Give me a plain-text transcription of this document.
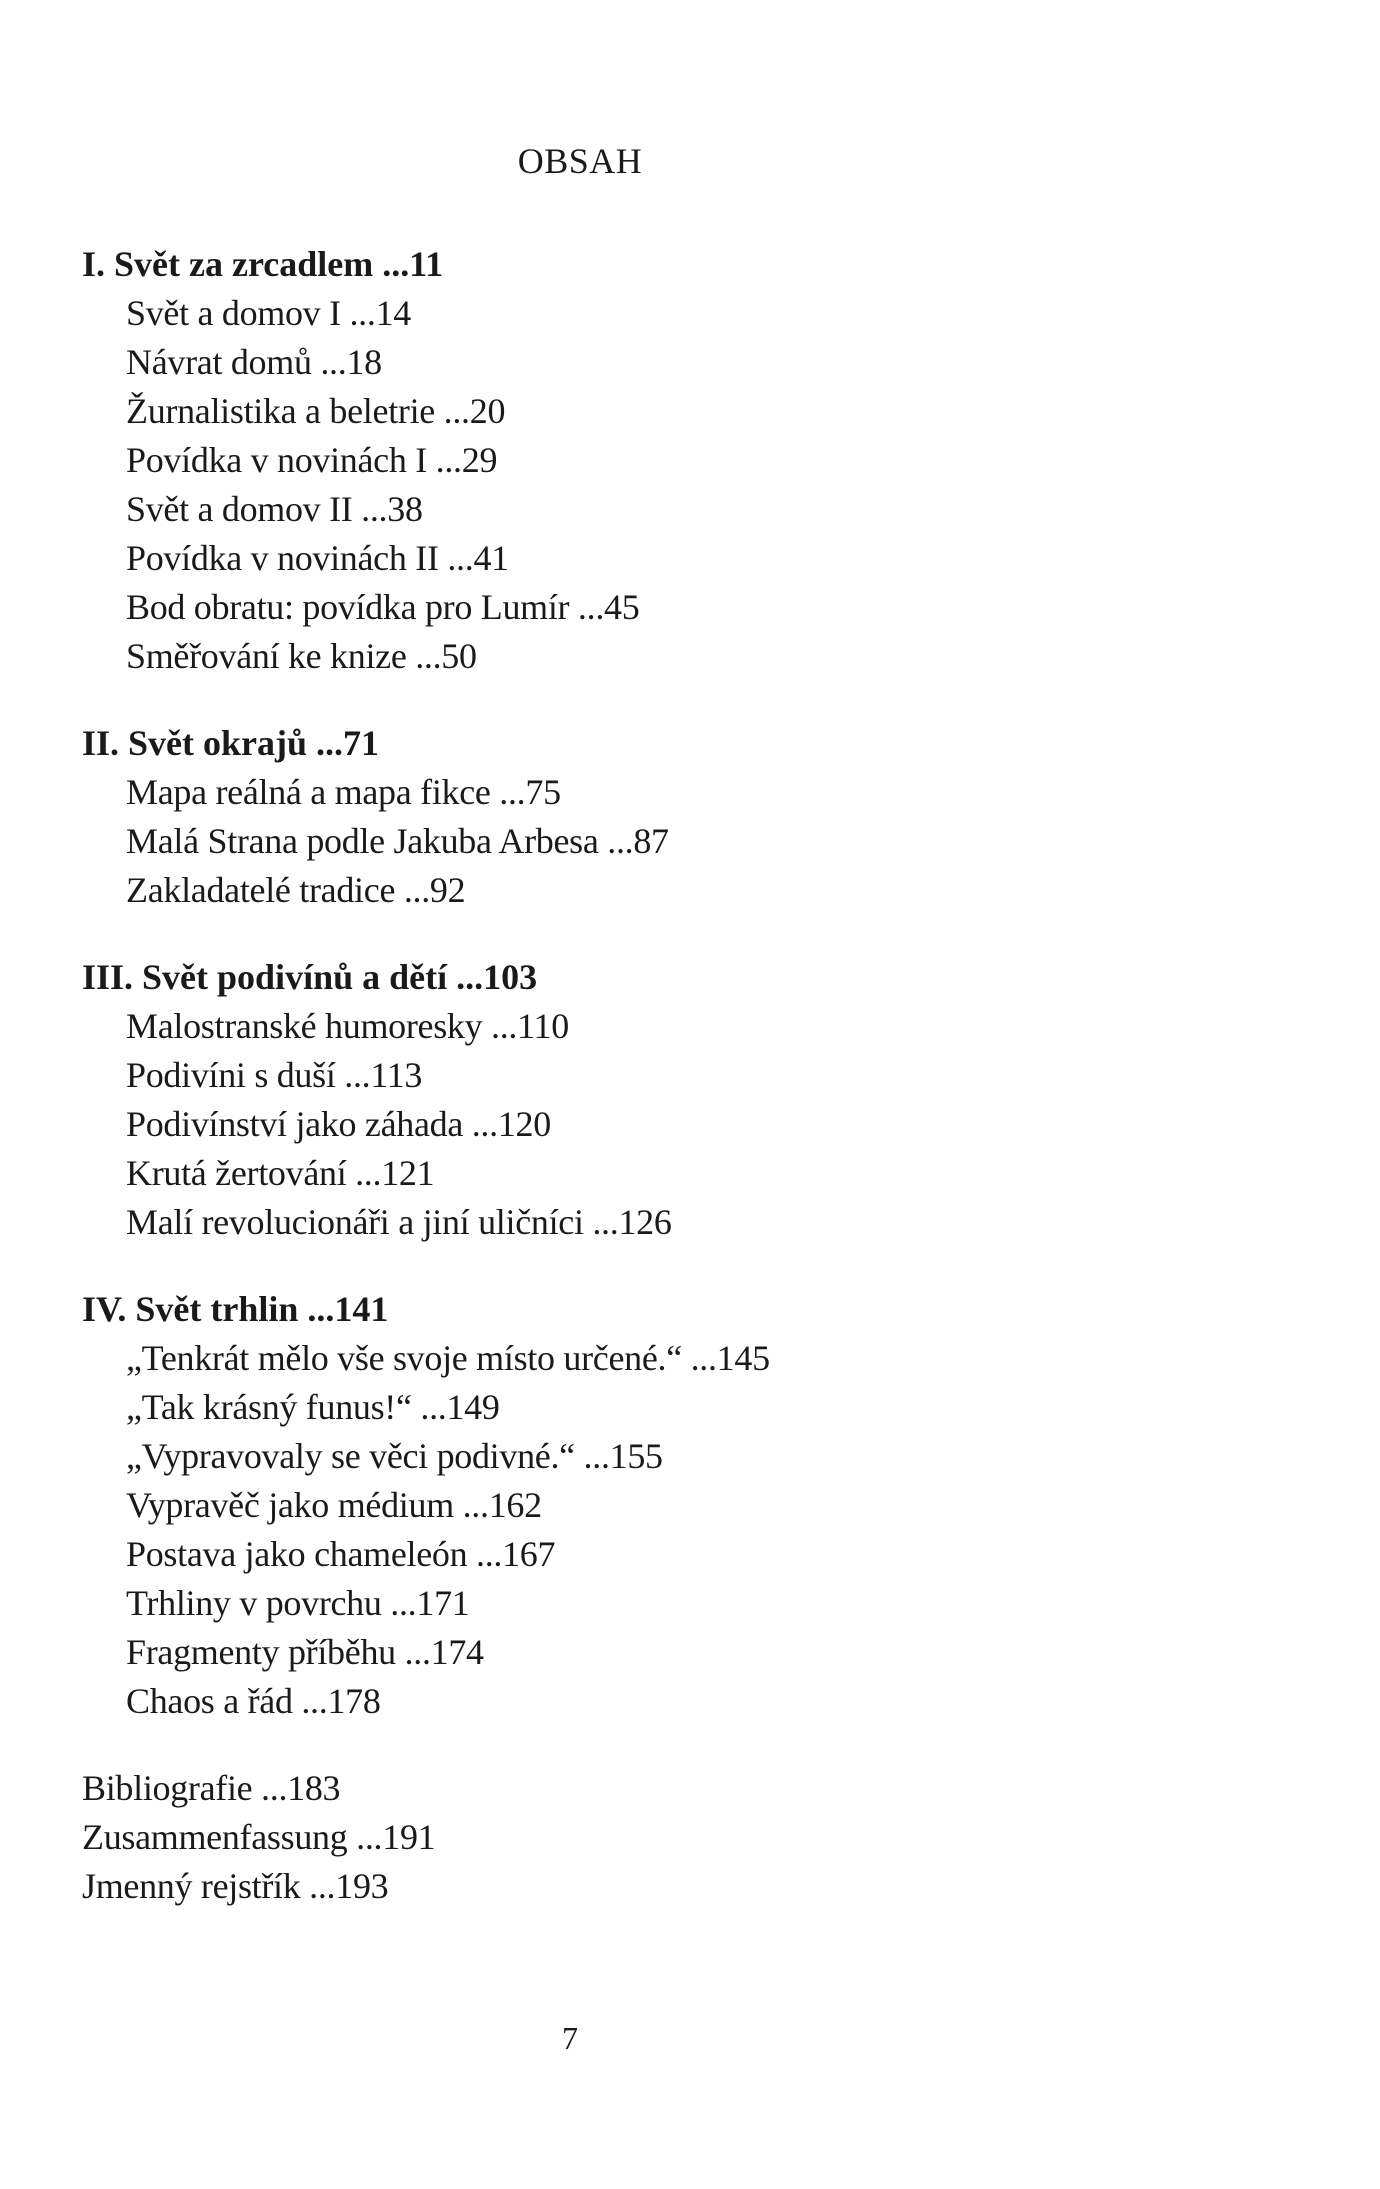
OBSAH
I. Svět za zrcadlem ...11
Svět a domov I ...14
Návrat domů ...18
Žurnalistika a beletrie ...20
Povídka v novinách I ...29
Svět a domov II ...38
Povídka v novinách II ...41
Bod obratu: povídka pro Lumír ...45
Směřování ke knize ...50
II. Svět okrajů ...71
Mapa reálná a mapa fikce ...75
Malá Strana podle Jakuba Arbesa ...87
Zakladatelé tradice ...92
III. Svět podivínů a dětí ...103
Malostranské humoresky ...110
Podivíni s duší ...113
Podivínství jako záhada ...120
Krutá žertování ...121
Malí revolucionáři a jiní uličníci ...126
IV. Svět trhlin ...141
„Tenkrát mělo vše svoje místo určené.“ ...145
„Tak krásný funus!“ ...149
„Vypravovaly se věci podivné.“ ...155
Vypravěč jako médium ...162
Postava jako chameleón ...167
Trhliny v povrchu ...171
Fragmenty příběhu ...174
Chaos a řád ...178
Bibliografie ...183
Zusammenfassung ...191
Jmenný rejstřík ...193
7
